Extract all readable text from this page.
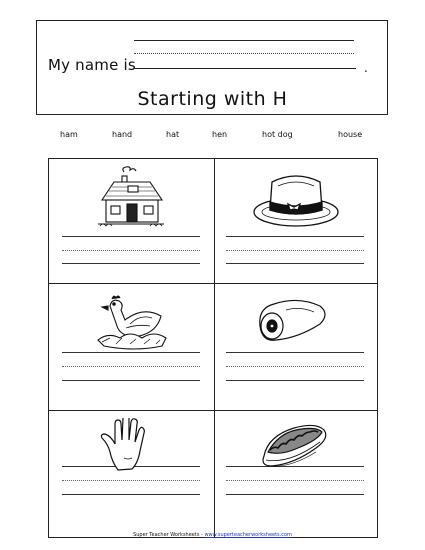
My name is	.
Starting with H
ham	hand	hat	hen	hot dog	house
Super Teacher Worksheets - www.superteacherworksheets.com
